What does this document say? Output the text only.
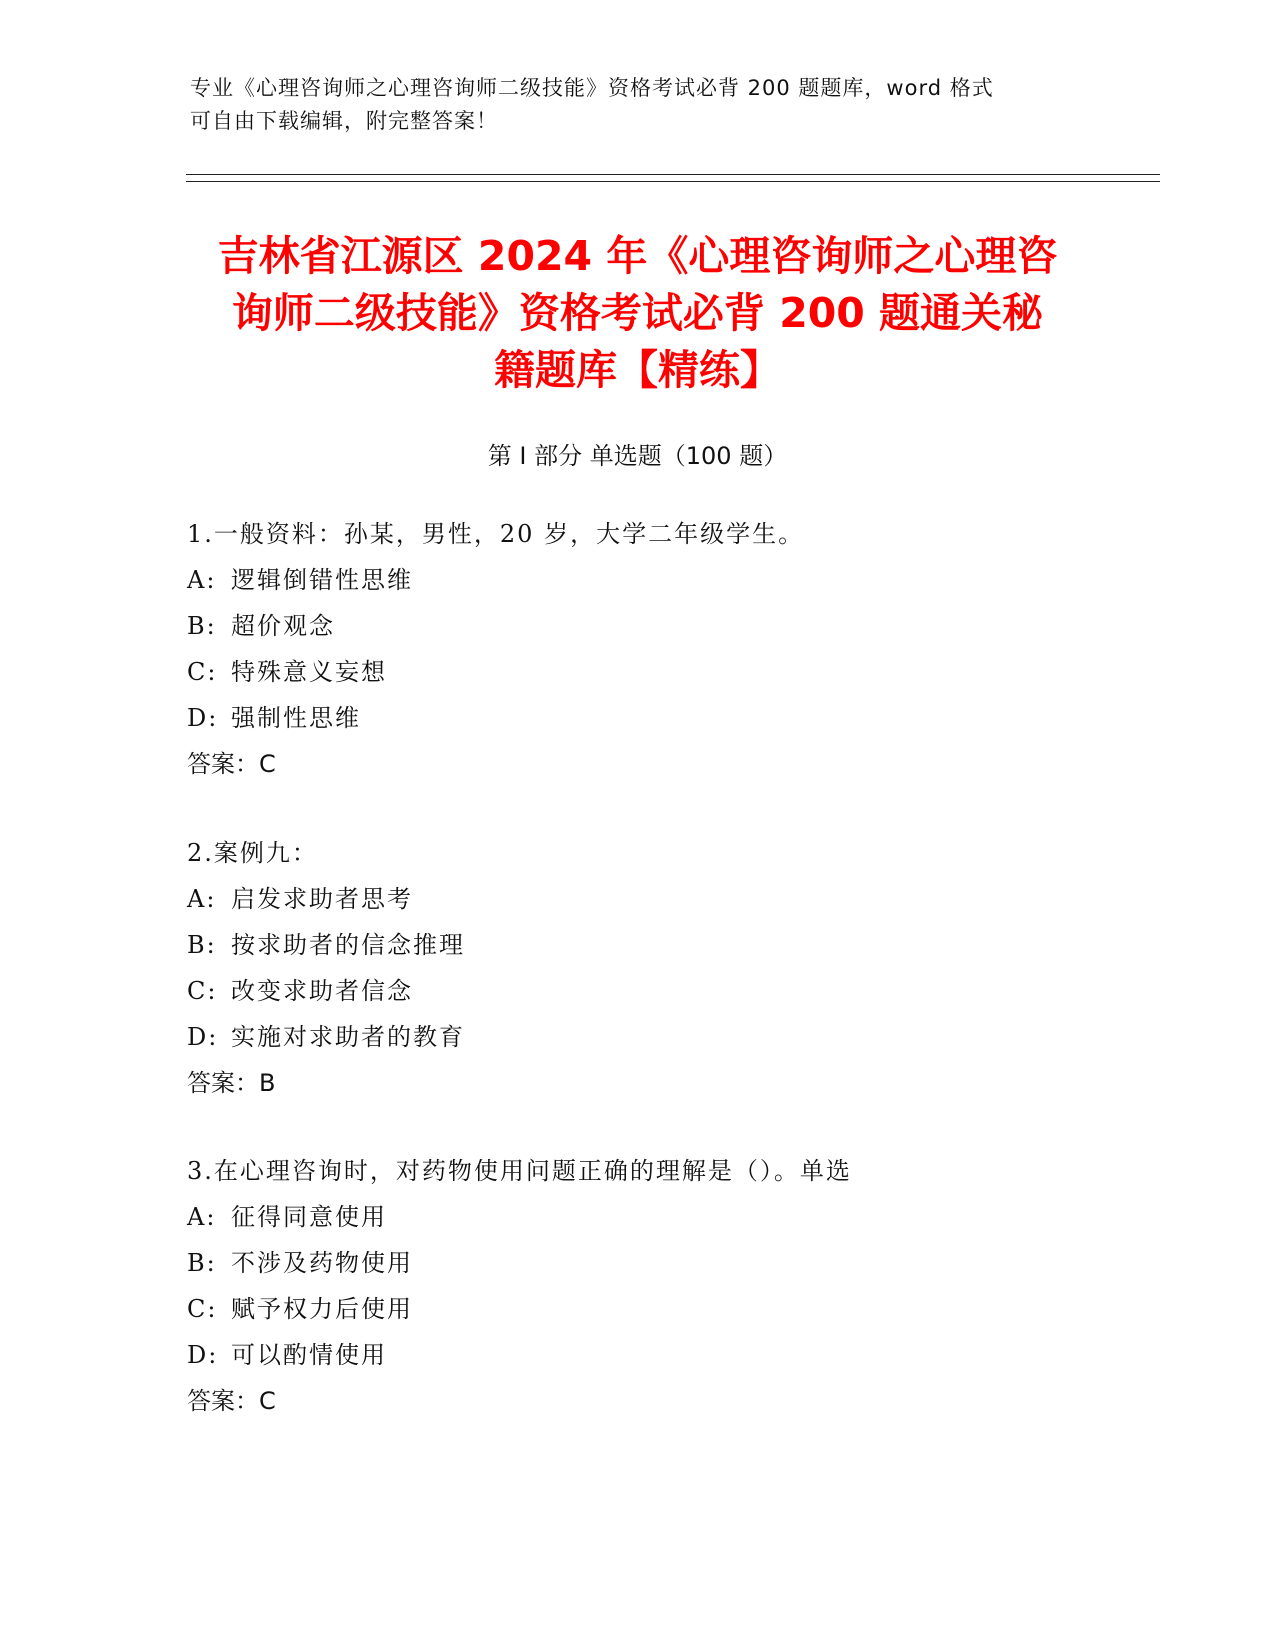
专业《心理咨询师之心理咨询师二级技能》资格考试必背 200 题题库，word 格式
可自由下载编辑，附完整答案！
吉林省江源区 2024 年《心理咨询师之心理咨
询师二级技能》资格考试必背 200 题通关秘
籍题库【精练】
第 I 部分 单选题（100 题）
1.一般资料：孙某，男性，20 岁，大学二年级学生。
A: 逻辑倒错性思维
B: 超价观念
C: 特殊意义妄想
D: 强制性思维
答案：C
2.案例九：
A: 启发求助者思考
B: 按求助者的信念推理
C: 改变求助者信念
D: 实施对求助者的教育
答案：B
3.在心理咨询时，对药物使用问题正确的理解是（）。单选
A: 征得同意使用
B: 不涉及药物使用
C: 赋予权力后使用
D: 可以酌情使用
答案：C
